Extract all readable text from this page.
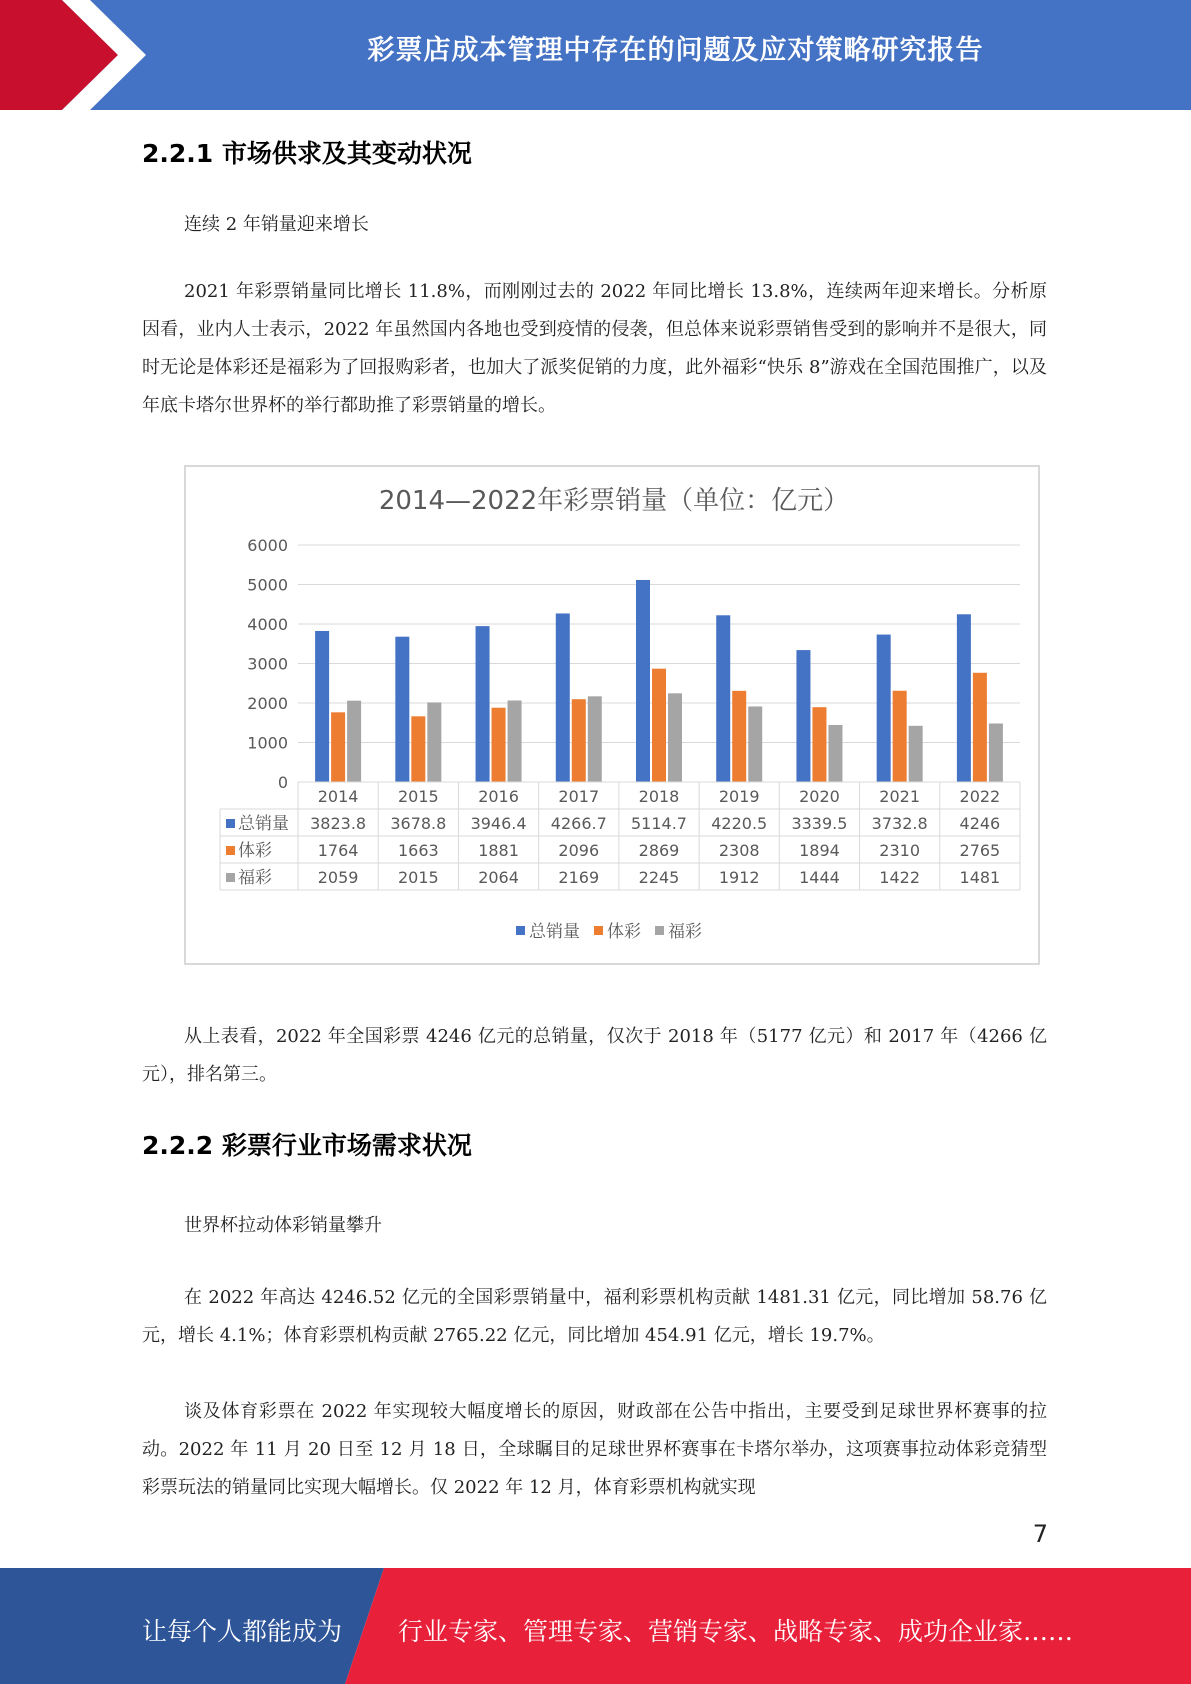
彩票店成本管理中存在的问题及应对策略研究报告
2.2.1 市场供求及其变动状况
连续 2 年销量迎来增长
2021 年彩票销量同比增长 11.8%，而刚刚过去的 2022 年同比增长 13.8%，连续两年迎来增长。分析原因看，业内人士表示，2022 年虽然国内各地也受到疫情的侵袭，但总体来说彩票销售受到的影响并不是很大，同时无论是体彩还是福彩为了回报购彩者，也加大了派奖促销的力度，此外福彩“快乐 8”游戏在全国范围推广，以及年底卡塔尔世界杯的举行都助推了彩票销量的增长。
2014—2022年彩票销量（单位：亿元）
0
1000
2000
3000
4000
5000
6000
2014 2015 2016 2017 2018 2019 2020 2021 2022
总销量 3823.8 3678.8 3946.4 4266.7 5114.7 4220.5 3339.5 3732.8 4246
体彩	1764 1663 1881 2096 2869 2308 1894 2310 2765
福彩	2059 2015 2064 2169 2245 1912 1444 1422 1481
总销量 体彩 福彩
从上表看，2022 年全国彩票 4246 亿元的总销量，仅次于 2018 年（5177 亿元）和 2017 年（4266 亿元），排名第三。
2.2.2 彩票行业市场需求状况
世界杯拉动体彩销量攀升
在 2022 年高达 4246.52 亿元的全国彩票销量中，福利彩票机构贡献 1481.31 亿元，同比增加 58.76 亿元，增长 4.1%；体育彩票机构贡献 2765.22 亿元，同比增加 454.91 亿元，增长 19.7%。
谈及体育彩票在 2022 年实现较大幅度增长的原因，财政部在公告中指出，主要受到足球世界杯赛事的拉动。2022 年 11 月 20 日至 12 月 18 日，全球瞩目的足球世界杯赛事在卡塔尔举办，这项赛事拉动体彩竞猜型彩票玩法的销量同比实现大幅增长。仅 2022 年 12 月，体育彩票机构就实现
7
让每个人都能成为 行业专家、管理专家、营销专家、战略专家、成功企业家……
